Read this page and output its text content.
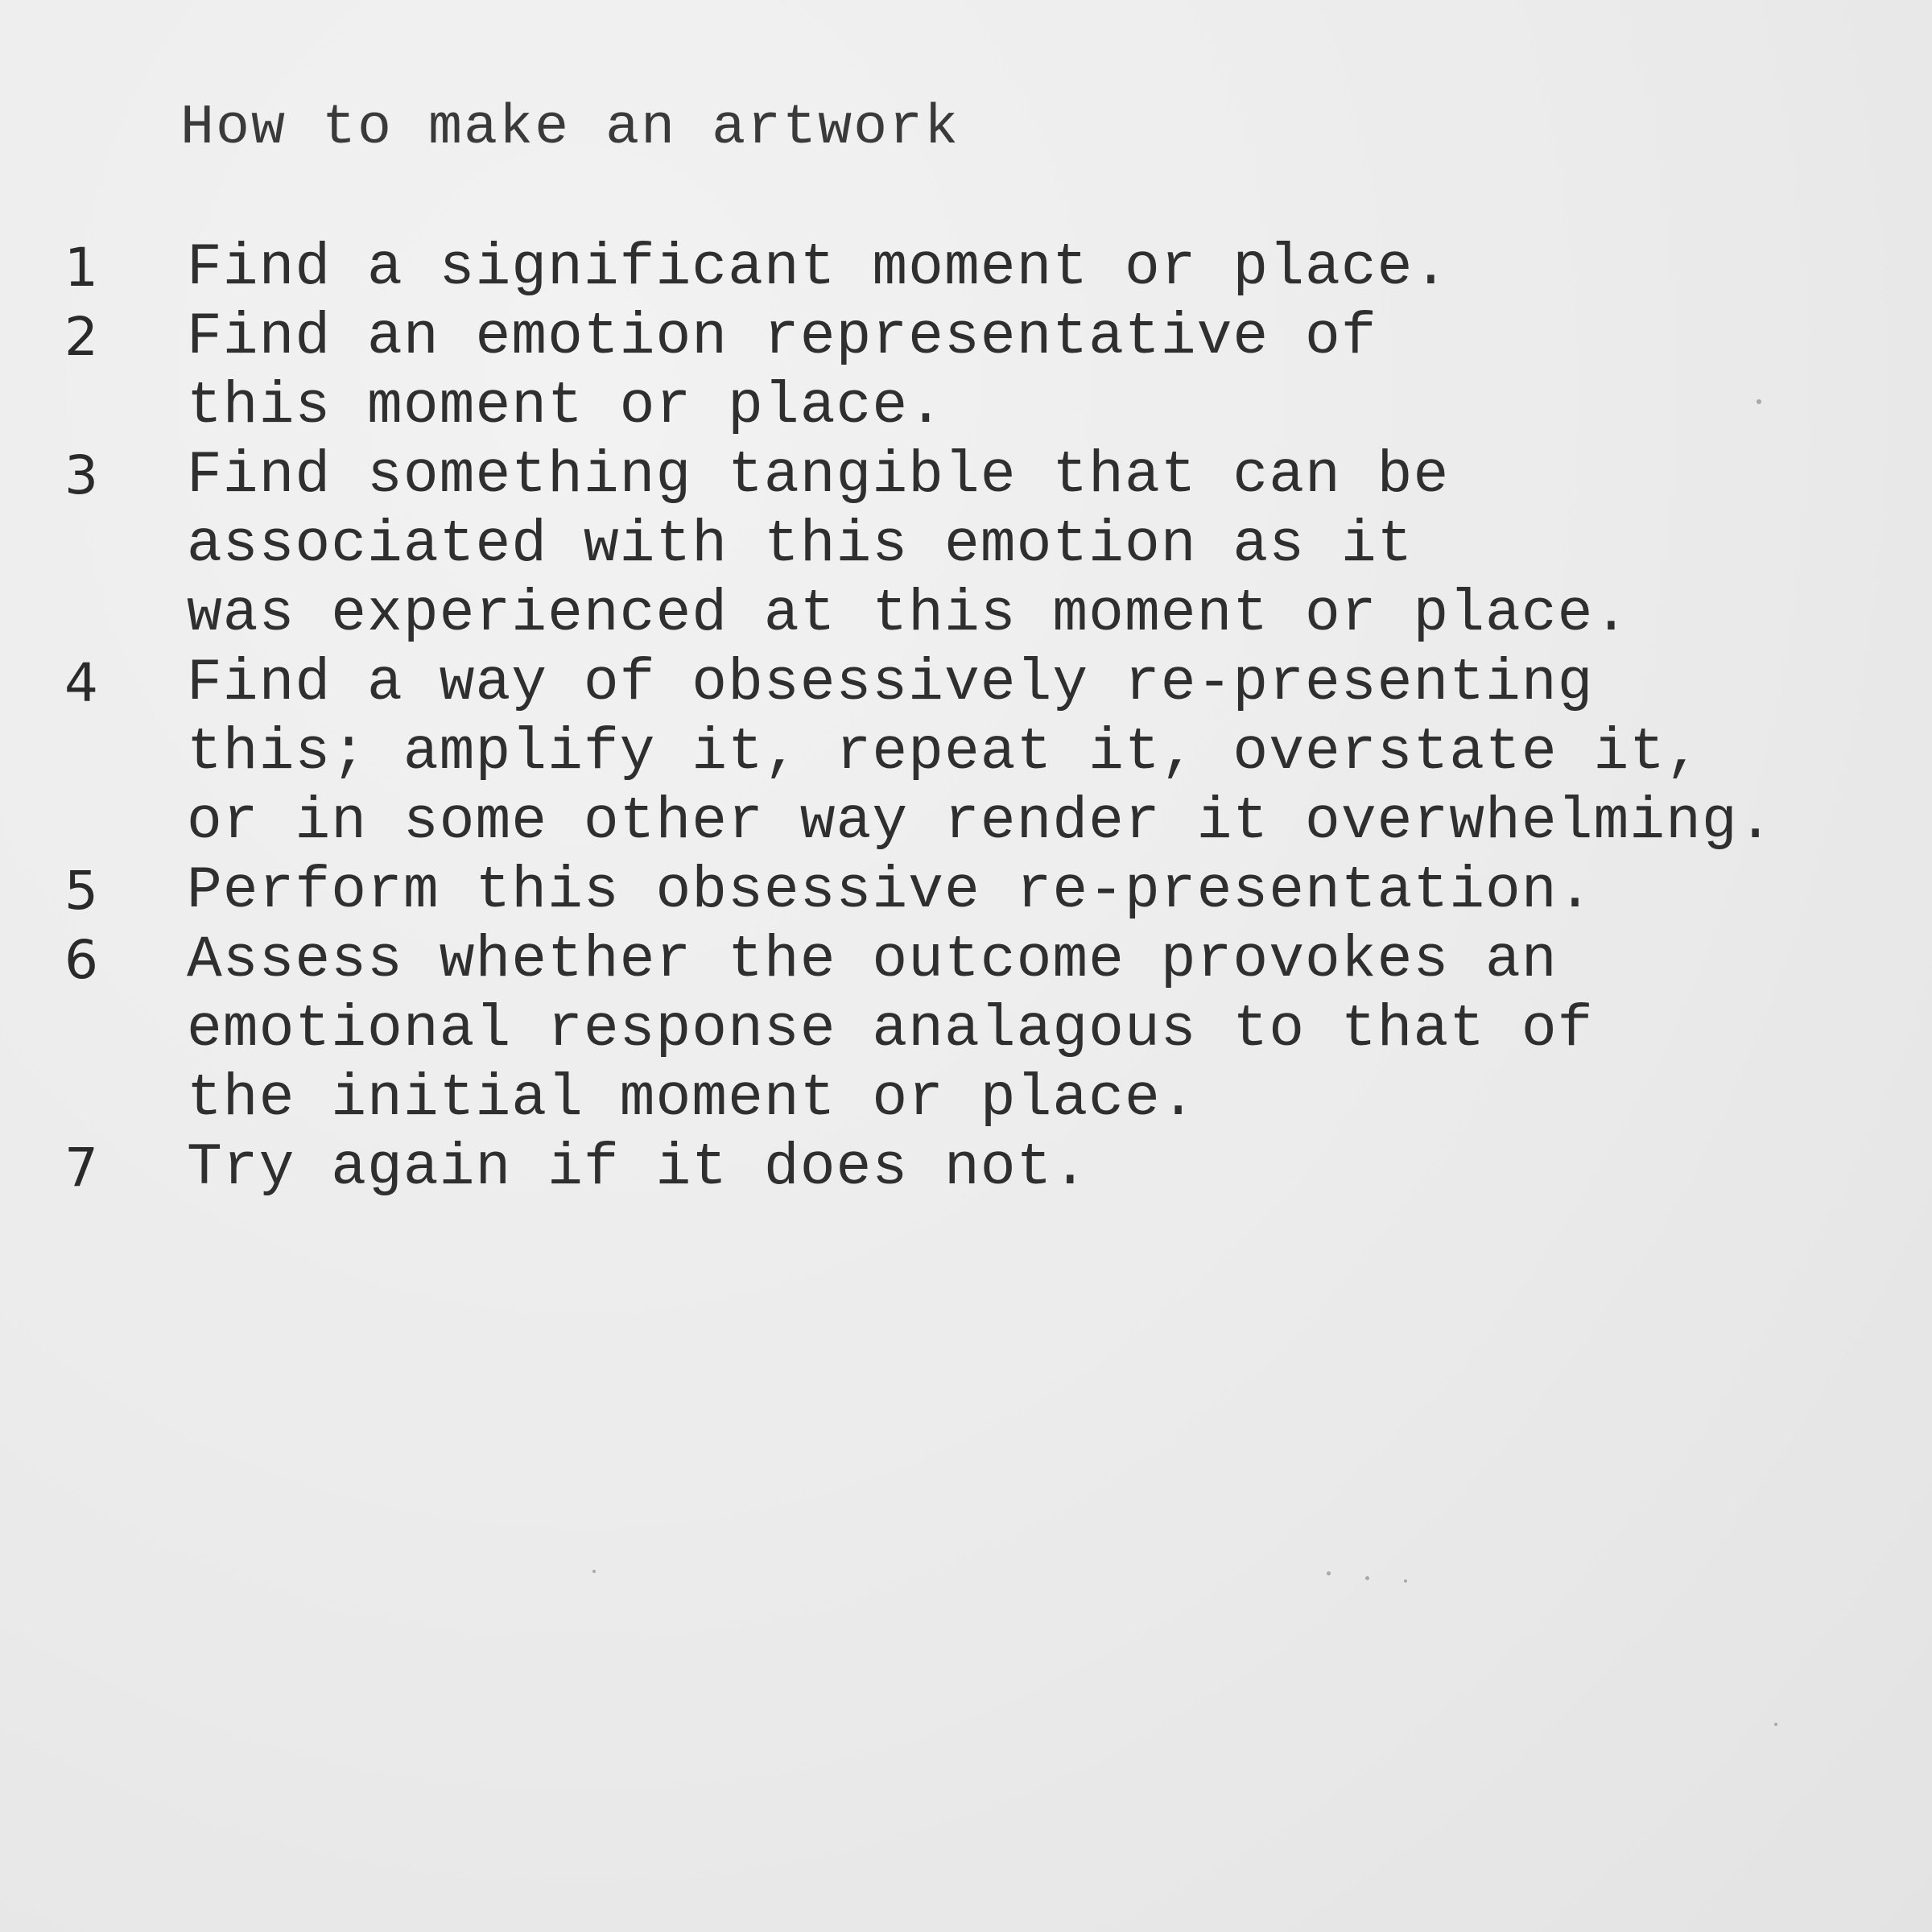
How to make an artwork
1 Find a significant moment or place.
2 Find an emotion representative of
this moment or place.
3 Find something tangible that can be
associated with this emotion as it
was experienced at this moment or place.
4 Find a way of obsessively re-presenting
this; amplify it, repeat it, overstate it,
or in some other way render it overwhelming.
5 Perform this obsessive re-presentation.
6 Assess whether the outcome provokes an
emotional response analagous to that of
the initial moment or place.
7 Try again if it does not.
